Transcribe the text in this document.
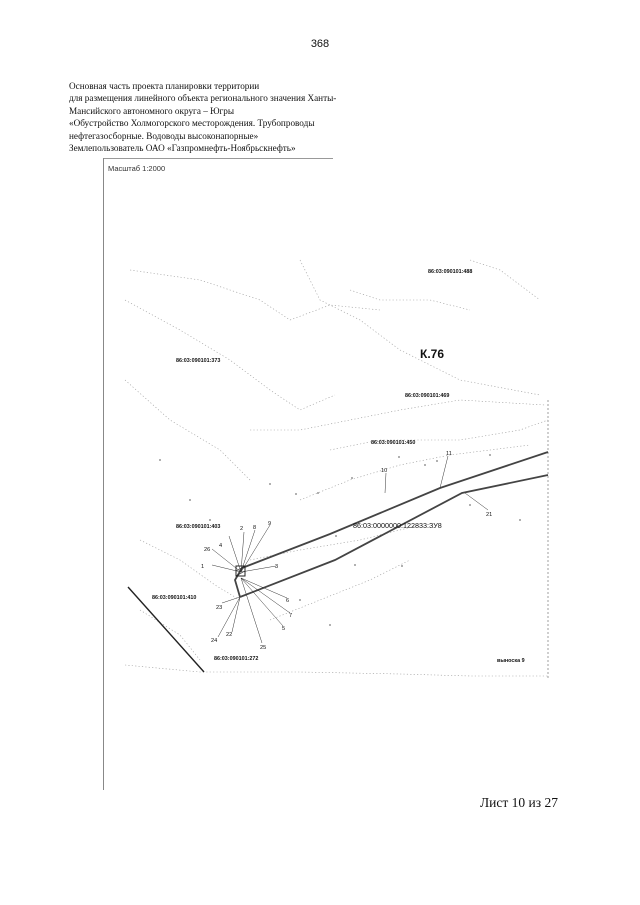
368
Основная часть проекта планировки территории
для размещения линейного объекта регионального значения Ханты-
Мансийского автономного округа – Югры
«Обустройство Холмогорского месторождения. Трубопроводы
нефтегазосборные. Водоводы высоконапорные»
Землепользователь ОАО «Газпромнефть-Ноябрьскнефть»
Масштаб 1:2000
К.76
86:03:090101:488
86:03:090101:373
86:03:090101:469
86:03:090101:450
86:03:090101:403	86:03:0000000:122833:ЗУ8
86:03:090101:410
86:03:090101:272	выноска 9
1
2
3
4
5
6
7
8
9
10
11
21
22
23
24
25
26
Лист 10 из 27
